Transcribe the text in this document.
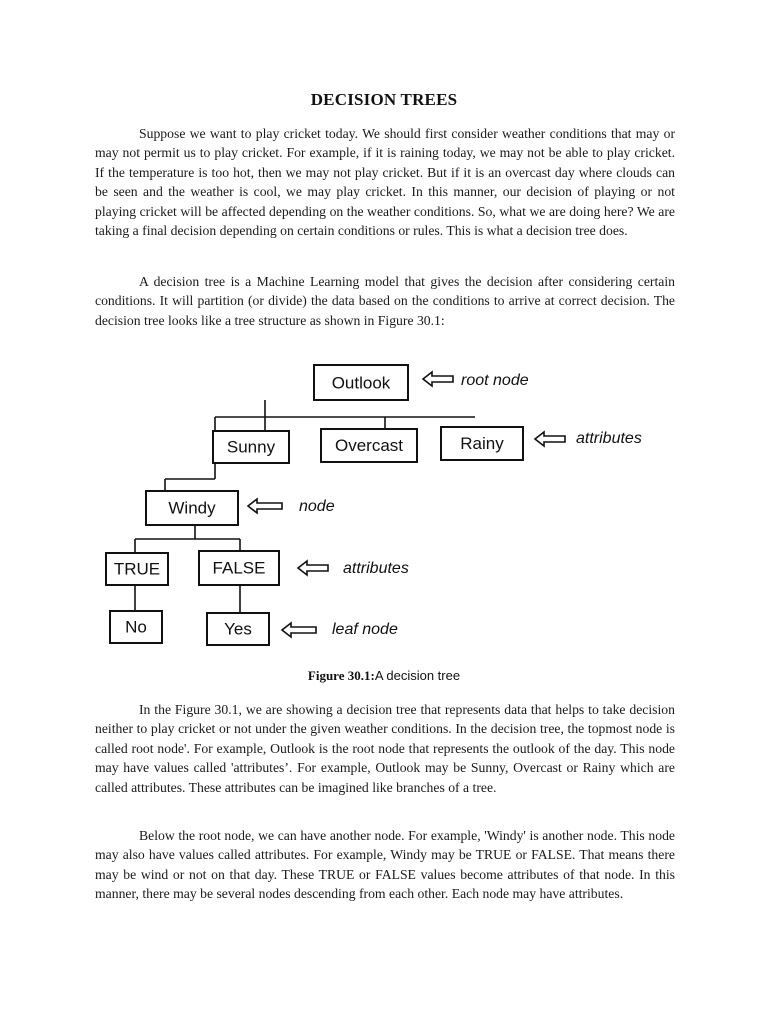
DECISION TREES

Suppose we want to play cricket today. We should first consider weather conditions that may or may not permit us to play cricket. For example, if it is raining today, we may not be able to play cricket. If the temperature is too hot, then we may not play cricket. But if it is an overcast day where clouds can be seen and the weather is cool, we may play cricket. In this manner, our decision of playing or not playing cricket will be affected depending on the weather conditions. So, what we are doing here? We are taking a final decision depending on certain conditions or rules. This is what a decision tree does.

A decision tree is a Machine Learning model that gives the decision after considering certain conditions. It will partition (or divide) the data based on the conditions to arrive at correct decision. The decision tree looks like a tree structure as shown in Figure 30.1:

Outlook
Sunny	Overcast	Rainy
Windy
TRUE	FALSE
No	Yes
root node
attributes
node
attributes
leaf node
Figure 30.1:A decision tree

In the Figure 30.1, we are showing a decision tree that represents data that helps to take decision neither to play cricket or not under the given weather conditions. In the decision tree, the topmost node is called root node'. For example, Outlook is the root node that represents the outlook of the day. This node may have values called 'attributes’. For example, Outlook may be Sunny, Overcast or Rainy which are called attributes. These attributes can be imagined like branches of a tree.

Below the root node, we can have another node. For example, 'Windy' is another node. This node may also have values called attributes. For example, Windy may be TRUE or FALSE. That means there may be wind or not on that day. These TRUE or FALSE values become attributes of that node. In this manner, there may be several nodes descending from each other. Each node may have attributes.
